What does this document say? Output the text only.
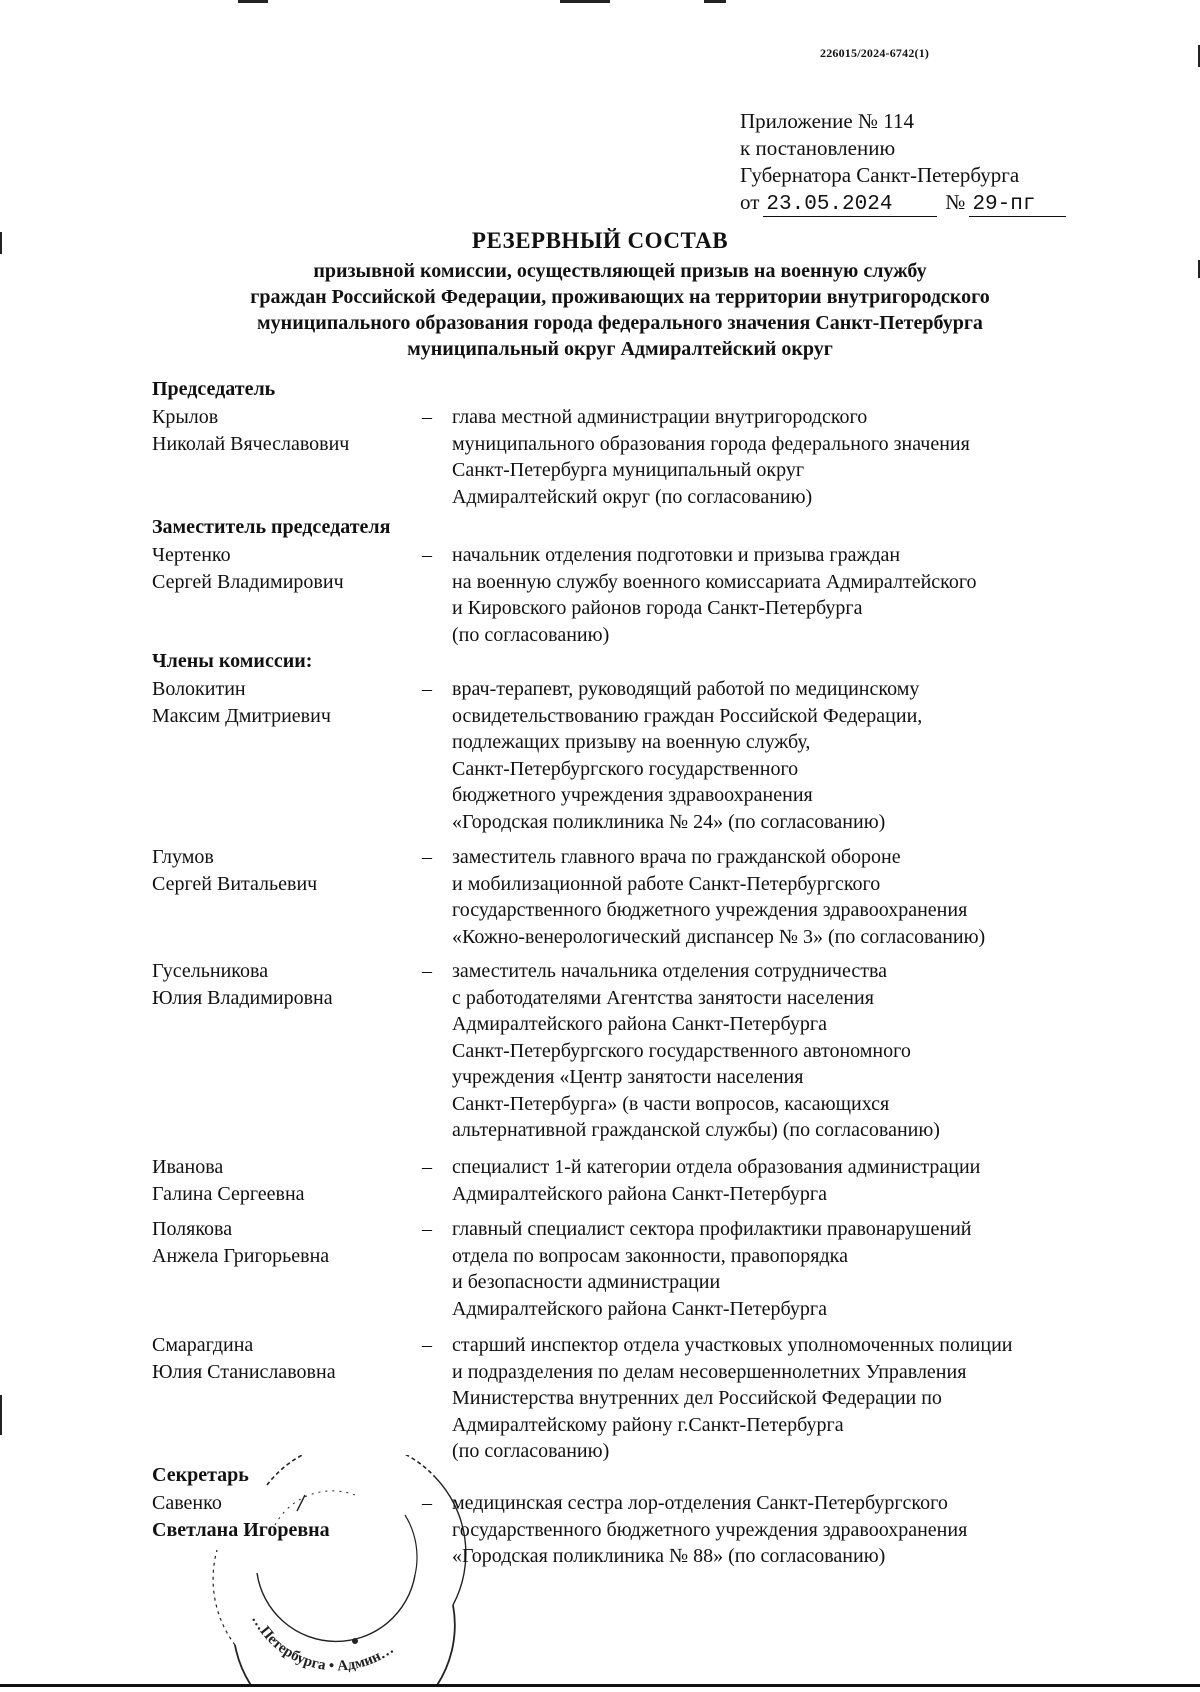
226015/2024-6742(1)
Приложение № 114
к постановлению
Губернатора Санкт-Петербурга
от 23.05.2024	№ 29-пг
РЕЗЕРВНЫЙ СОСТАВ
призывной комиссии, осуществляющей призыв на военную службу
граждан Российской Федерации, проживающих на территории внутригородского
муниципального образования города федерального значения Санкт-Петербурга
муниципальный округ Адмиралтейский округ
Председатель
Крылов
Николай Вячеславович
– глава местной администрации внутригородского
муниципального образования города федерального значения
Санкт-Петербурга муниципальный округ
Адмиралтейский округ (по согласованию)
Заместитель председателя
Чертенко
Сергей Владимирович
– начальник отделения подготовки и призыва граждан
на военную службу военного комиссариата Адмиралтейского
и Кировского районов города Санкт-Петербурга
(по согласованию)
Члены комиссии:
Волокитин
Максим Дмитриевич
– врач-терапевт, руководящий работой по медицинскому
освидетельствованию граждан Российской Федерации,
подлежащих призыву на военную службу,
Санкт-Петербургского государственного
бюджетного учреждения здравоохранения
«Городская поликлиника № 24» (по согласованию)
Глумов
Сергей Витальевич
– заместитель главного врача по гражданской обороне
и мобилизационной работе Санкт-Петербургского
государственного бюджетного учреждения здравоохранения
«Кожно-венерологический диспансер № 3» (по согласованию)
Гусельникова
Юлия Владимировна
– заместитель начальника отделения сотрудничества
с работодателями Агентства занятости населения
Адмиралтейского района Санкт-Петербурга
Санкт-Петербургского государственного автономного
учреждения «Центр занятости населения
Санкт-Петербурга» (в части вопросов, касающихся
альтернативной гражданской службы) (по согласованию)
Иванова
Галина Сергеевна
– специалист 1-й категории отдела образования администрации
Адмиралтейского района Санкт-Петербурга
Полякова
Анжела Григорьевна
– главный специалист сектора профилактики правонарушений
отдела по вопросам законности, правопорядка
и безопасности администрации
Адмиралтейского района Санкт-Петербурга
Смарагдина
Юлия Станиславовна
– старший инспектор отдела участковых уполномоченных полиции
и подразделения по делам несовершеннолетних Управления
Министерства внутренних дел Российской Федерации по
Адмиралтейскому району г.Санкт-Петербурга
(по согласованию)
Секретарь
…Петербурга • Админ…
Савенко
Светлана Игоревна
– медицинская сестра лор-отделения Санкт-Петербургского
государственного бюджетного учреждения здравоохранения
«Городская поликлиника № 88» (по согласованию)
